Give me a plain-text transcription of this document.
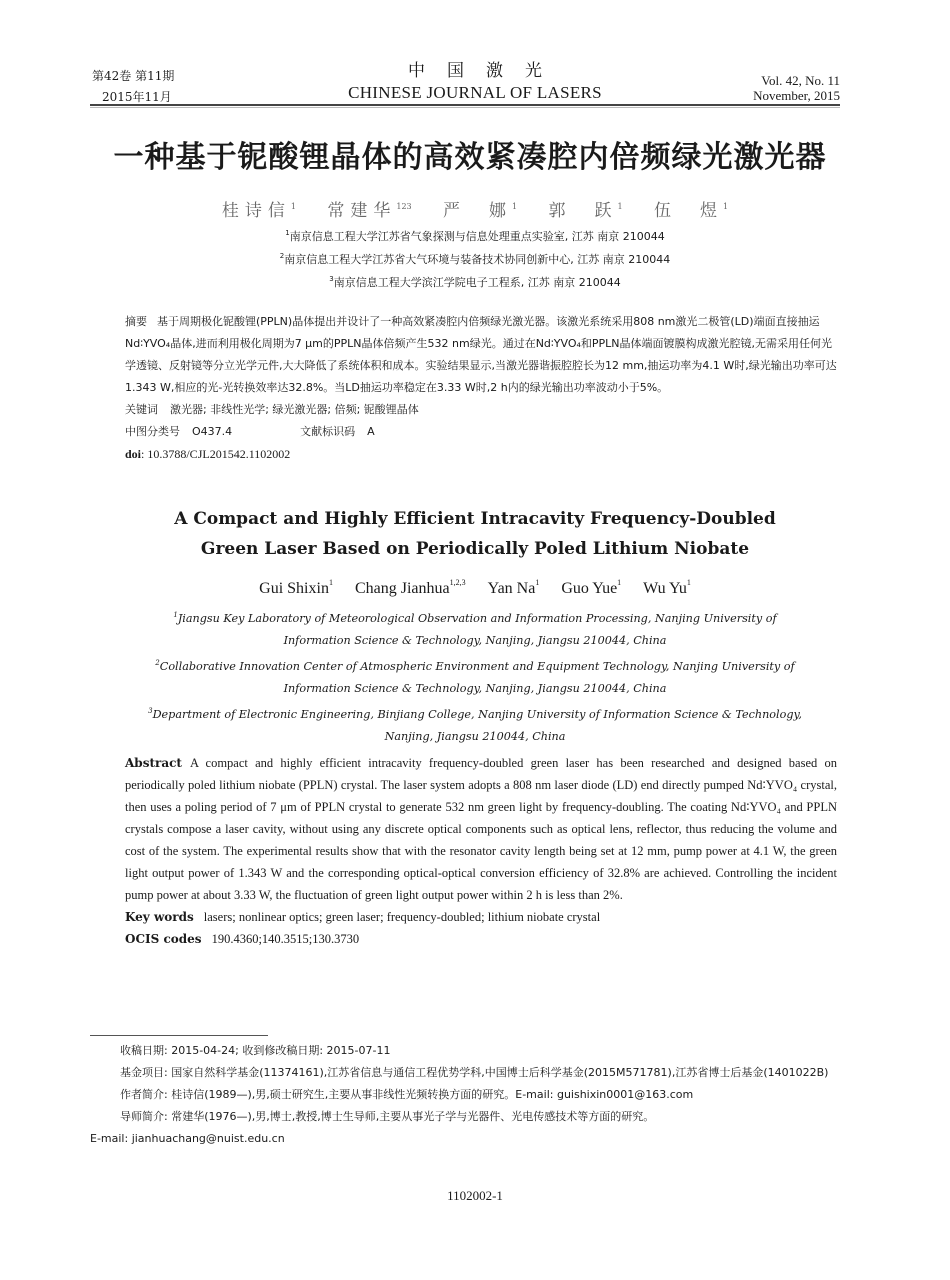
第42卷 第11期
2015年11月
中国激光
CHINESE JOURNAL OF LASERS
Vol. 42, No. 11
November, 2015
一种基于铌酸锂晶体的高效紧凑腔内倍频绿光激光器
桂诗信$^1$ 常建华$^{123}$ 严　娜$^1$ 郭　跃$^1$ 伍　煜$^1$
$^1$南京信息工程大学江苏省气象探测与信息处理重点实验室, 江苏 南京 210044
$^2$南京信息工程大学江苏省大气环境与装备技术协同创新中心, 江苏 南京 210044
$^3$南京信息工程大学滨江学院电子工程系, 江苏 南京 210044
摘要 基于周期极化铌酸锂(PPLN)晶体提出并设计了一种高效紧凑腔内倍频绿光激光器。该激光系统采用808 nm激光二极管(LD)端面直接抽运Nd∶YVO₄晶体,进而利用极化周期为7 μm的PPLN晶体倍频产生532 nm绿光。通过在Nd∶YVO₄和PPLN晶体端面镀膜构成激光腔镜,无需采用任何光学透镜、反射镜等分立光学元件,大大降低了系统体积和成本。实验结果显示,当激光器谐振腔腔长为12 mm,抽运功率为4.1 W时,绿光输出功率可达1.343 W,相应的光-光转换效率达32.8%。当LD抽运功率稳定在3.33 W时,2 h内的绿光输出功率波动小于5%。
关键词 激光器; 非线性光学; 绿光激光器; 倍频; 铌酸锂晶体
中图分类号 O437.4	文献标识码 A
doi: 10.3788/CJL201542.1102002
A Compact and Highly Efficient Intracavity Frequency-Doubled
Green Laser Based on Periodically Poled Lithium Niobate
Gui Shixin$^1$ Chang Jianhua$^{1,2,3}$ Yan Na$^1$ Guo Yue$^1$ Wu Yu$^1$
$^1$Jiangsu Key Laboratory of Meteorological Observation and Information Processing, Nanjing University of
Information Science & Technology, Nanjing, Jiangsu 210044, China
$^2$Collaborative Innovation Center of Atmospheric Environment and Equipment Technology, Nanjing University of
Information Science & Technology, Nanjing, Jiangsu 210044, China
$^3$Department of Electronic Engineering, Binjiang College, Nanjing University of Information Science & Technology,
Nanjing, Jiangsu 210044, China
Abstract A compact and highly efficient intracavity frequency-doubled green laser has been researched and designed based on periodically poled lithium niobate (PPLN) crystal. The laser system adopts a 808 nm laser diode (LD) end directly pumped Nd∶YVO₄ crystal, then uses a poling period of 7 μm of PPLN crystal to generate 532 nm green light by frequency-doubling. The coating Nd∶YVO₄ and PPLN crystals compose a laser cavity, without using any discrete optical components such as optical lens, reflector, thus reducing the volume and cost of the system. The experimental results show that with the resonator cavity length being set at 12 mm, pump power at 4.1 W, the green light output power of 1.343 W and the corresponding optical-optical conversion efficiency of 32.8% are achieved. Controlling the incident pump power at about 3.33 W, the fluctuation of green light output power within 2 h is less than 2%.
Key words lasers; nonlinear optics; green laser; frequency-doubled; lithium niobate crystal
OCIS codes 190.4360;140.3515;130.3730
收稿日期: 2015-04-24; 收到修改稿日期: 2015-07-11
基金项目: 国家自然科学基金(11374161),江苏省信息与通信工程优势学科,中国博士后科学基金(2015M571781),江苏省博士后基金(1401022B)
作者简介: 桂诗信(1989—),男,硕士研究生,主要从事非线性光频转换方面的研究。E-mail: guishixin0001@163.com
导师简介: 常建华(1976—),男,博士,教授,博士生导师,主要从事光子学与光器件、光电传感技术等方面的研究。
E-mail: jianhuachang@nuist.edu.cn
1102002-1
